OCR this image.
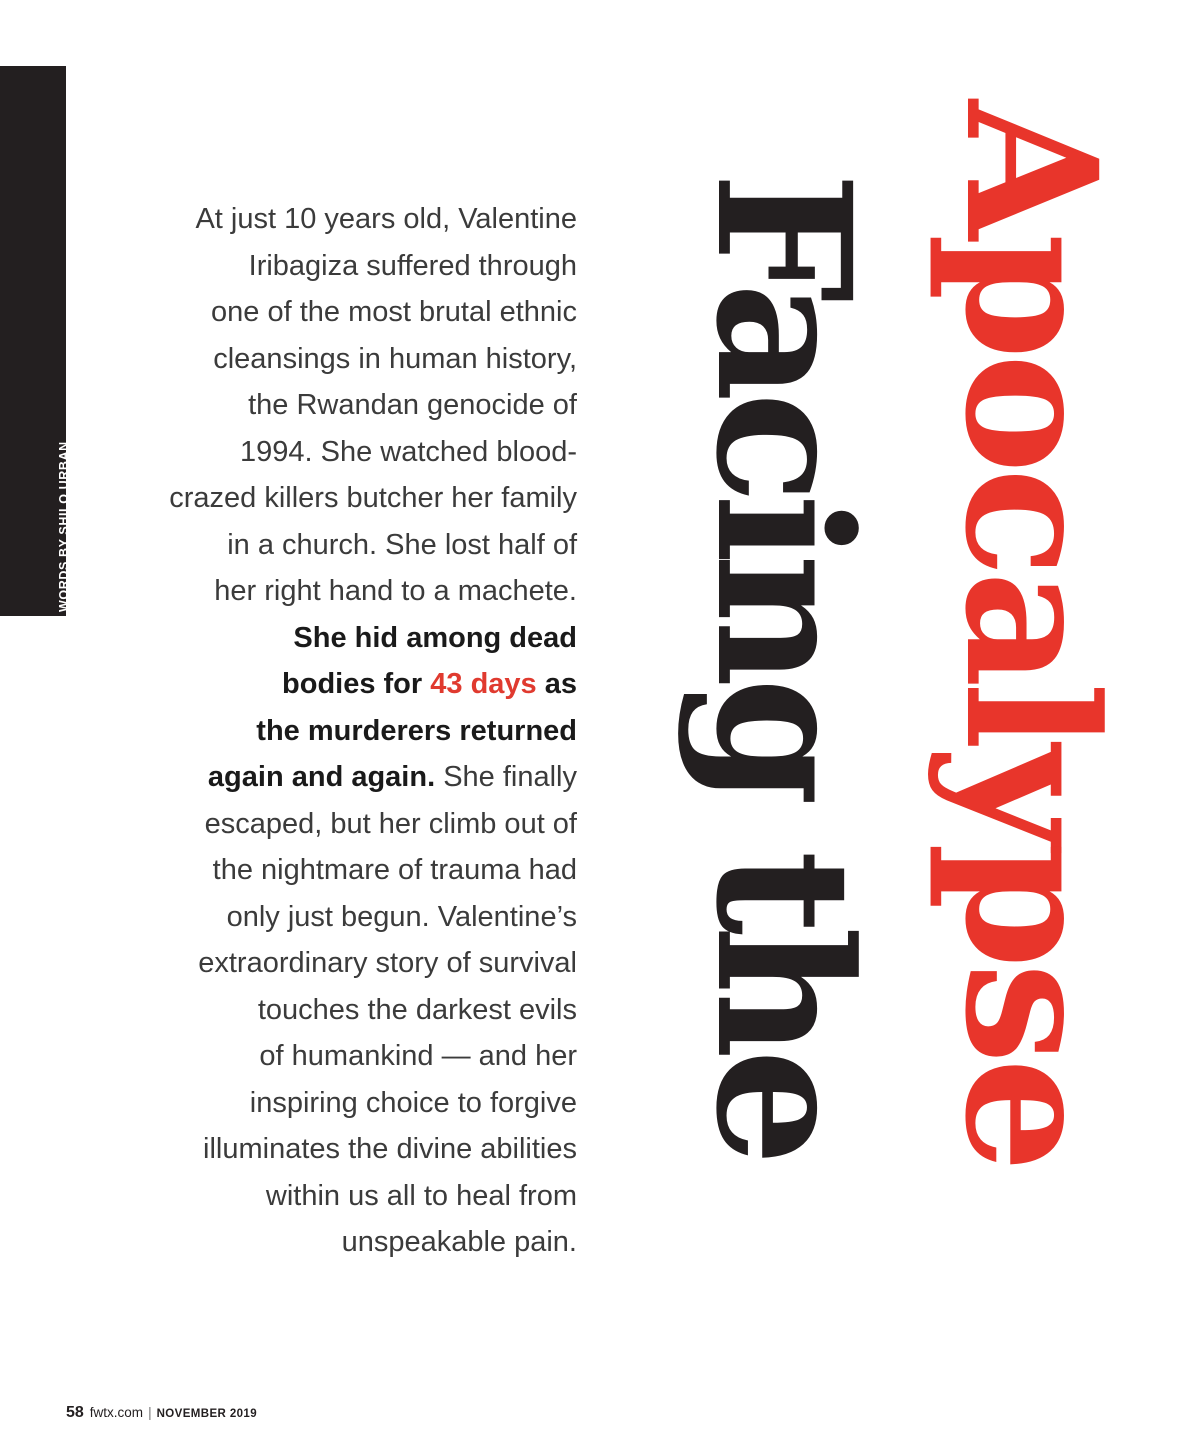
WORDS BY SHILO URBAN

At just 10 years old, Valentine
Iribagiza suffered through
one of the most brutal ethnic
cleansings in human history,
the Rwandan genocide of
1994. She watched blood-
crazed killers butcher her family
in a church. She lost half of
her right hand to a machete.
She hid among dead
bodies for 43 days as
the murderers returned
again and again. She finally
escaped, but her climb out of
the nightmare of trauma had
only just begun. Valentine’s
extraordinary story of survival
touches the darkest evils
of humankind — and her
inspiring choice to forgive
illuminates the divine abilities
within us all to heal from
unspeakable pain.

Facing the Apocalypse
58 fwtx.com | NOVEMBER 2019
